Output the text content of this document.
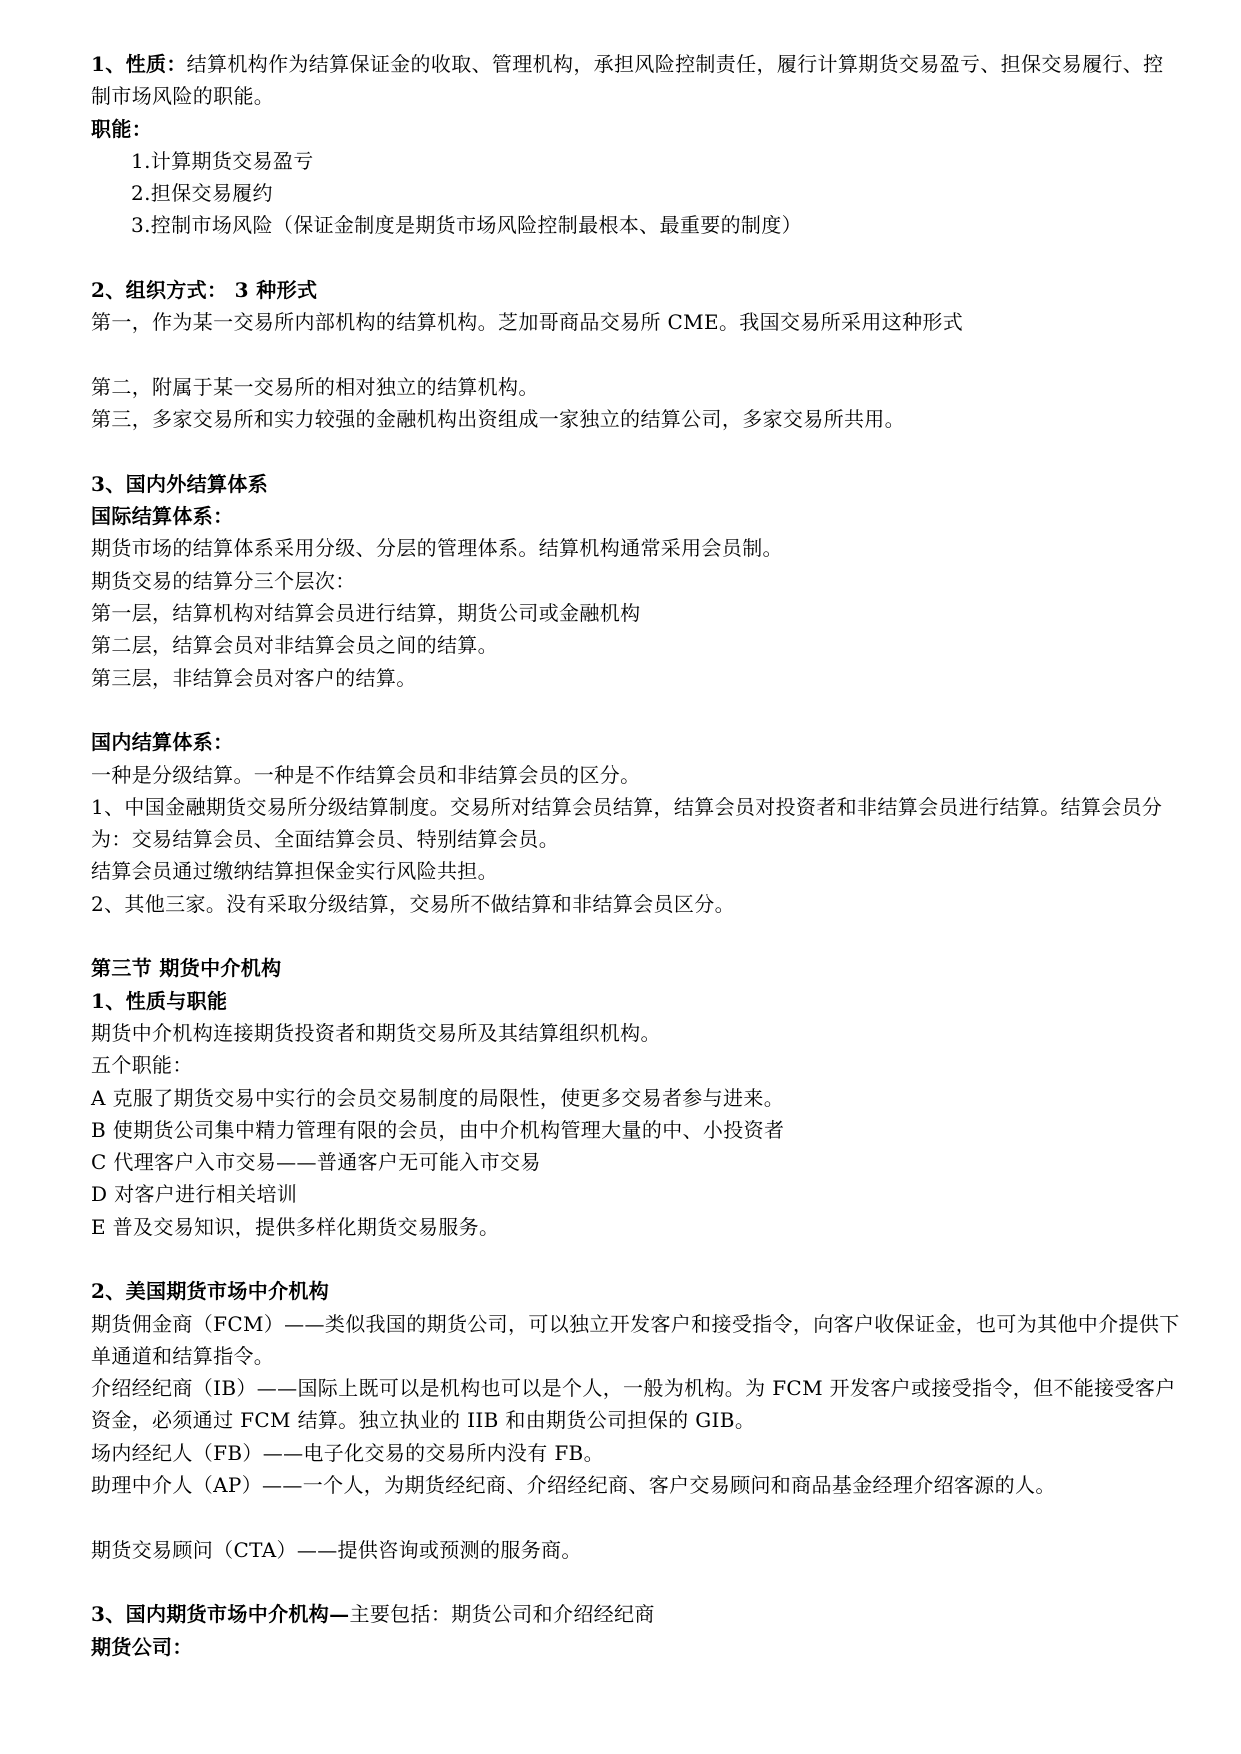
1、性质：结算机构作为结算保证金的收取、管理机构，承担风险控制责任，履行计算期货交易盈亏、担保交易履行、控制市场风险的职能。
职能：
1.计算期货交易盈亏
2.担保交易履约
3.控制市场风险（保证金制度是期货市场风险控制最根本、最重要的制度）
2、组织方式： 3 种形式
第一，作为某一交易所内部机构的结算机构。芝加哥商品交易所 CME。我国交易所采用这种形式
第二，附属于某一交易所的相对独立的结算机构。
第三，多家交易所和实力较强的金融机构出资组成一家独立的结算公司，多家交易所共用。
3、国内外结算体系
国际结算体系：
期货市场的结算体系采用分级、分层的管理体系。结算机构通常采用会员制。
期货交易的结算分三个层次：
第一层，结算机构对结算会员进行结算，期货公司或金融机构
第二层，结算会员对非结算会员之间的结算。
第三层，非结算会员对客户的结算。
国内结算体系：
一种是分级结算。一种是不作结算会员和非结算会员的区分。
1、中国金融期货交易所分级结算制度。交易所对结算会员结算，结算会员对投资者和非结算会员进行结算。结算会员分为：交易结算会员、全面结算会员、特别结算会员。
结算会员通过缴纳结算担保金实行风险共担。
2、其他三家。没有采取分级结算，交易所不做结算和非结算会员区分。
第三节 期货中介机构
1、性质与职能
期货中介机构连接期货投资者和期货交易所及其结算组织机构。
五个职能：
A 克服了期货交易中实行的会员交易制度的局限性，使更多交易者参与进来。
B 使期货公司集中精力管理有限的会员，由中介机构管理大量的中、小投资者
C 代理客户入市交易——普通客户无可能入市交易
D 对客户进行相关培训
E 普及交易知识，提供多样化期货交易服务。
2、美国期货市场中介机构
期货佣金商（FCM）——类似我国的期货公司，可以独立开发客户和接受指令，向客户收保证金，也可为其他中介提供下单通道和结算指令。
介绍经纪商（IB）——国际上既可以是机构也可以是个人，一般为机构。为 FCM 开发客户或接受指令，但不能接受客户资金，必须通过 FCM 结算。独立执业的 IIB 和由期货公司担保的 GIB。
场内经纪人（FB）——电子化交易的交易所内没有 FB。
助理中介人（AP）——一个人，为期货经纪商、介绍经纪商、客户交易顾问和商品基金经理介绍客源的人。
期货交易顾问（CTA）——提供咨询或预测的服务商。
3、国内期货市场中介机构—主要包括：期货公司和介绍经纪商
期货公司：
